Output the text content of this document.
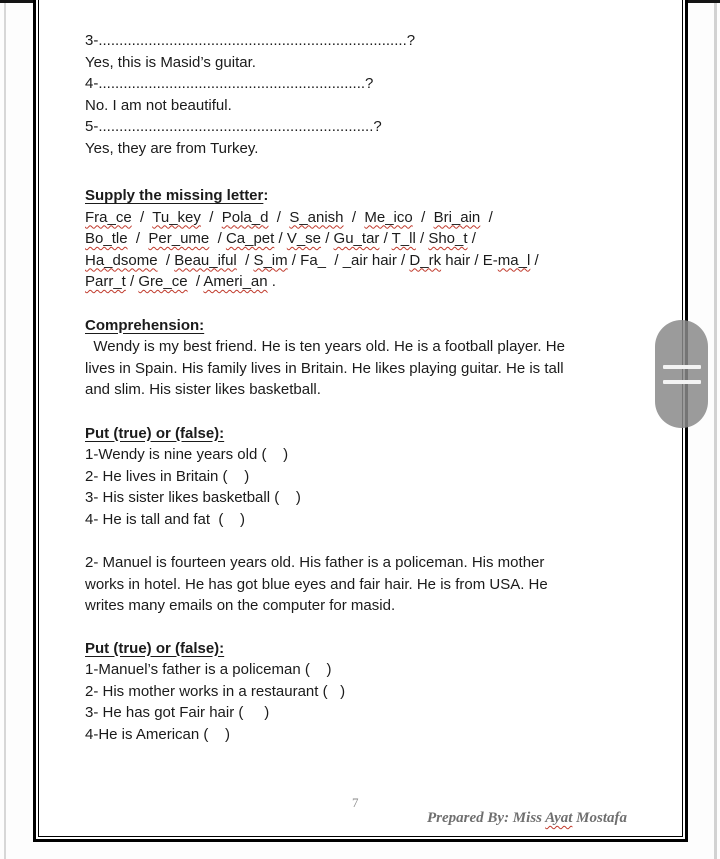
3-..........................................................................?
Yes, this is Masid’s guitar.
4-................................................................?
No. I am not beautiful.
5-..................................................................?
Yes, they are from Turkey.
Supply the missing letter:
Fra_ce  /  Tu_key  /  Pola_d  /  S_anish  /  Me_ico  /  Bri_ain  /
Bo_tle  /  Per_ume  / Ca_pet / V_se / Gu_tar / T_ll / Sho_t /
Ha_dsome  / Beau_iful  / S_im / Fa_  / _air hair / D_rk hair / E-ma_l /
Parr_t / Gre_ce  / Ameri_an .
Comprehension:
Wendy is my best friend. He is ten years old. He is a football player. He
lives in Spain. His family lives in Britain. He likes playing guitar. He is tall
and slim. His sister likes basketball.
Put (true) or (false):
1-Wendy is nine years old (    )
2- He lives in Britain (    )
3- His sister likes basketball (    )
4- He is tall and fat  (    )
2- Manuel is fourteen years old. His father is a policeman. His mother
works in hotel. He has got blue eyes and fair hair. He is from USA. He
writes many emails on the computer for masid.
Put (true) or (false):
1-Manuel’s father is a policeman (    )
2- His mother works in a restaurant (   )
3- He has got Fair hair (     )
4-He is American (    )
7
Prepared By: Miss Ayat Mostafa
